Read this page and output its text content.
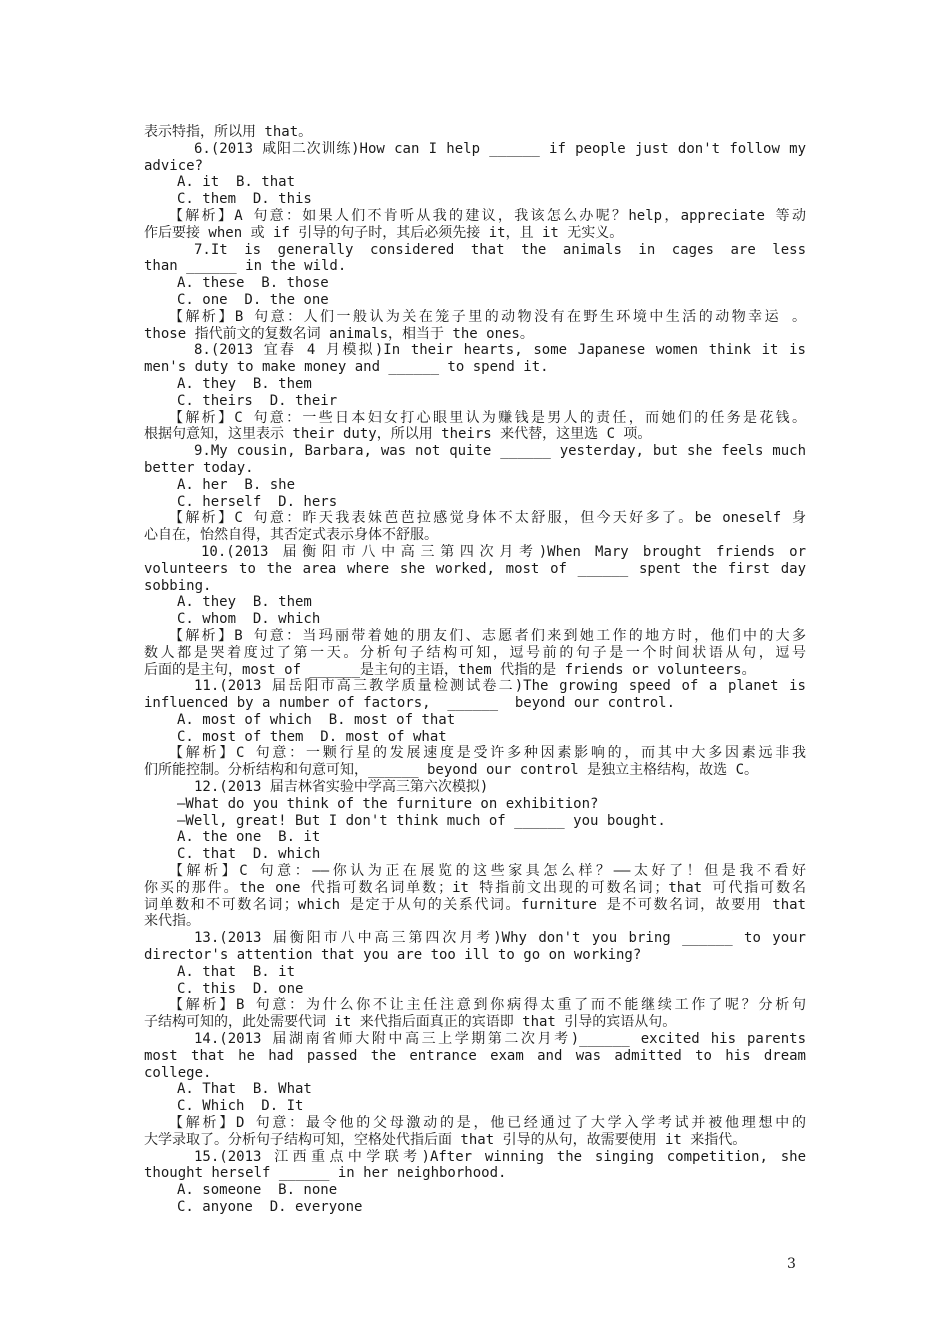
表示特指，所以用 that。
6.(2013 咸阳二次训练)How can I help ______ if people just don't follow my
advice?
A. it  B. that
C. them  D. this
【解析】A 句意：如果人们不肯听从我的建议，我该怎么办呢？help，appreciate 等动
作后要接 when 或 if 引导的句子时，其后必须先接 it，且 it 无实义。
7.It is generally considered that the animals in cages are less
than ______ in the wild.
A. these  B. those
C. one  D. the one
【解析】B 句意：人们一般认为关在笼子里的动物没有在野生环境中生活的动物幸运 。
those 指代前文的复数名词 animals，相当于 the ones。
8.(2013 宜春 4 月模拟)In their hearts, some Japanese women think it is
men's duty to make money and ______ to spend it.
A. they  B. them
C. theirs  D. their
【解析】C 句意：一些日本妇女打心眼里认为赚钱是男人的责任，而她们的任务是花钱。
根据句意知，这里表示 their duty，所以用 theirs 来代替，这里选 C 项。
9.My cousin, Barbara, was not quite ______ yesterday, but she feels much
better today.
A. her  B. she
C. herself  D. hers
【解析】C 句意：昨天我表妹芭芭拉感觉身体不太舒服，但今天好多了。be oneself 身
心自在，怡然自得，其否定式表示身体不舒服。
10.(2013 届衡阳市八中高三第四次月考)When Mary brought friends or
volunteers to the area where she worked, most of ______ spent the first day
sobbing.
A. they  B. them
C. whom  D. which
【解析】B 句意：当玛丽带着她的朋友们、志愿者们来到她工作的地方时，他们中的大多
数人都是哭着度过了第一天。分析句子结构可知，逗号前的句子是一个时间状语从句，逗号
后面的是主句，most of ______是主句的主语，them 代指的是 friends or volunteers。
11.(2013 届岳阳市高三教学质量检测试卷二)The growing speed of a planet is
influenced by a number of factors,  ______  beyond our control.
A. most of which  B. most of that
C. most of them  D. most of what
【解析】C 句意：一颗行星的发展速度是受许多种因素影响的，而其中大多因素远非我
们所能控制。分析结构和句意可知，______ beyond our control 是独立主格结构，故选 C。
12.(2013 届吉林省实验中学高三第六次模拟)
—What do you think of the furniture on exhibition?
—Well, great! But I don't think much of ______ you bought.
A. the one  B. it
C. that  D. which
【解析】C 句意：——你认为正在展览的这些家具怎么样？——太好了！但是我不看好
你买的那件。the one 代指可数名词单数；it 特指前文出现的可数名词；that 可代指可数名
词单数和不可数名词；which 是定于从句的关系代词。furniture 是不可数名词，故要用 that
来代指。
13.(2013 届衡阳市八中高三第四次月考)Why don't you bring ______ to your
director's attention that you are too ill to go on working?
A. that  B. it
C. this  D. one
【解析】B 句意：为什么你不让主任注意到你病得太重了而不能继续工作了呢？分析句
子结构可知的，此处需要代词 it 来代指后面真正的宾语即 that 引导的宾语从句。
14.(2013 届湖南省师大附中高三上学期第二次月考)______ excited his parents
most that he had passed the entrance exam and was admitted to his dream
college.
A. That  B. What
C. Which  D. It
【解析】D 句意：最令他的父母激动的是，他已经通过了大学入学考试并被他理想中的
大学录取了。分析句子结构可知，空格处代指后面 that 引导的从句，故需要使用 it 来指代。
15.(2013 江西重点中学联考)After winning the singing competition, she
thought herself ______ in her neighborhood.
A. someone  B. none
C. anyone  D. everyone
3
